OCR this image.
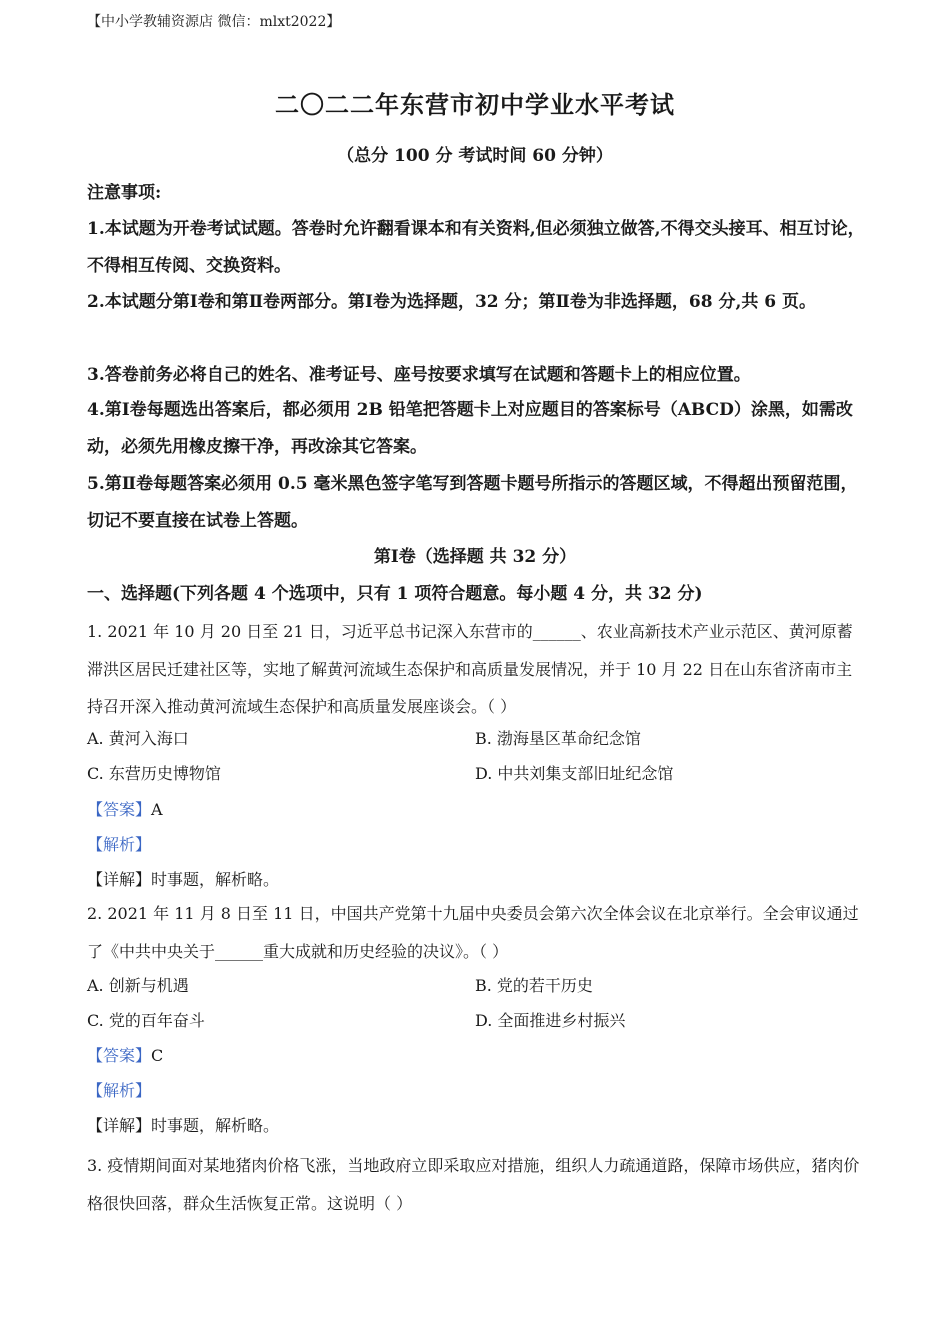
【中小学教辅资源店 微信：mlxt2022】
二〇二二年东营市初中学业水平考试
（总分 100 分 考试时间 60 分钟）
注意事项:
1.本试题为开卷考试试题。答卷时允许翻看课本和有关资料,但必须独立做答,不得交头接耳、相互讨论，不得相互传阅、交换资料。
2.本试题分第Ⅰ卷和第Ⅱ卷两部分。第Ⅰ卷为选择题，32 分；第Ⅱ卷为非选择题，68 分,共 6 页。
3.答卷前务必将自己的姓名、准考证号、座号按要求填写在试题和答题卡上的相应位置。
4.第Ⅰ卷每题选出答案后，都必须用 2B 铅笔把答题卡上对应题目的答案标号（ABCD）涂黑，如需改动，必须先用橡皮擦干净，再改涂其它答案。
5.第Ⅱ卷每题答案必须用 0.5 毫米黑色签字笔写到答题卡题号所指示的答题区域，不得超出预留范围，切记不要直接在试卷上答题。
第Ⅰ卷（选择题 共 32 分）
一、选择题(下列各题 4 个选项中，只有 1 项符合题意。每小题 4 分，共 32 分)
1. 2021 年 10 月 20 日至 21 日，习近平总书记深入东营市的______、农业高新技术产业示范区、黄河原蓄滞洪区居民迁建社区等，实地了解黄河流域生态保护和高质量发展情况，并于 10 月 22 日在山东省济南市主持召开深入推动黄河流域生态保护和高质量发展座谈会。（ ）
A. 黄河入海口	B. 渤海垦区革命纪念馆
C. 东营历史博物馆	D. 中共刘集支部旧址纪念馆
【答案】A
【解析】
【详解】时事题，解析略。
2. 2021 年 11 月 8 日至 11 日，中国共产党第十九届中央委员会第六次全体会议在北京举行。全会审议通过了《中共中央关于______重大成就和历史经验的决议》。（ ）
A. 创新与机遇	B. 党的若干历史
C. 党的百年奋斗	D. 全面推进乡村振兴
【答案】C
【解析】
【详解】时事题，解析略。
3. 疫情期间面对某地猪肉价格飞涨，当地政府立即采取应对措施，组织人力疏通道路，保障市场供应，猪肉价格很快回落，群众生活恢复正常。这说明（ ）
